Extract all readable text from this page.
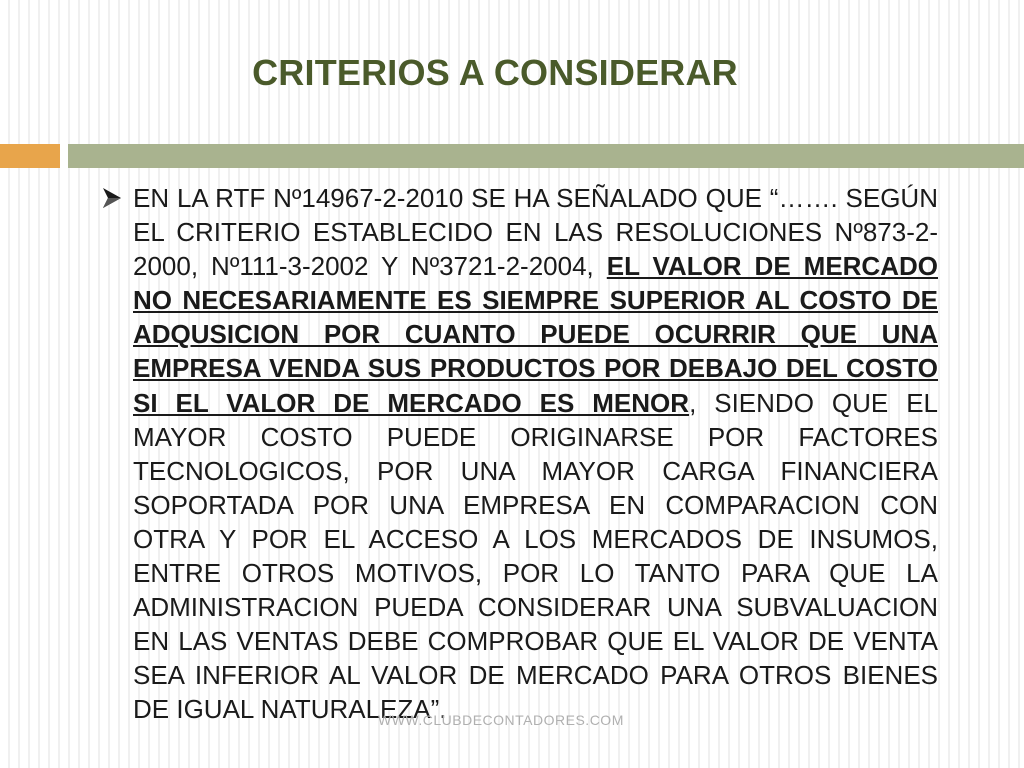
CRITERIOS A CONSIDERAR

EN LA RTF Nº14967-2-2010 SE HA SEÑALADO QUE “……. SEGÚN EL CRITERIO ESTABLECIDO EN LAS RESOLUCIONES Nº873-2-2000, Nº111-3-2002 Y Nº3721-2-2004, EL VALOR DE MERCADO NO NECESARIAMENTE ES SIEMPRE SUPERIOR AL COSTO DE ADQUSICION POR CUANTO PUEDE OCURRIR QUE UNA EMPRESA VENDA SUS PRODUCTOS POR DEBAJO DEL COSTO SI EL VALOR DE MERCADO ES MENOR, SIENDO QUE EL MAYOR COSTO PUEDE ORIGINARSE POR FACTORES TECNOLOGICOS, POR UNA MAYOR CARGA FINANCIERA SOPORTADA POR UNA EMPRESA EN COMPARACION CON OTRA Y POR EL ACCESO A LOS MERCADOS DE INSUMOS, ENTRE OTROS MOTIVOS, POR LO TANTO PARA QUE LA ADMINISTRACION PUEDA CONSIDERAR UNA SUBVALUACION EN LAS VENTAS DEBE COMPROBAR QUE EL VALOR DE VENTA SEA INFERIOR AL VALOR DE MERCADO PARA OTROS BIENES DE IGUAL NATURALEZA”.

WWW.CLUBDECONTADORES.COM
